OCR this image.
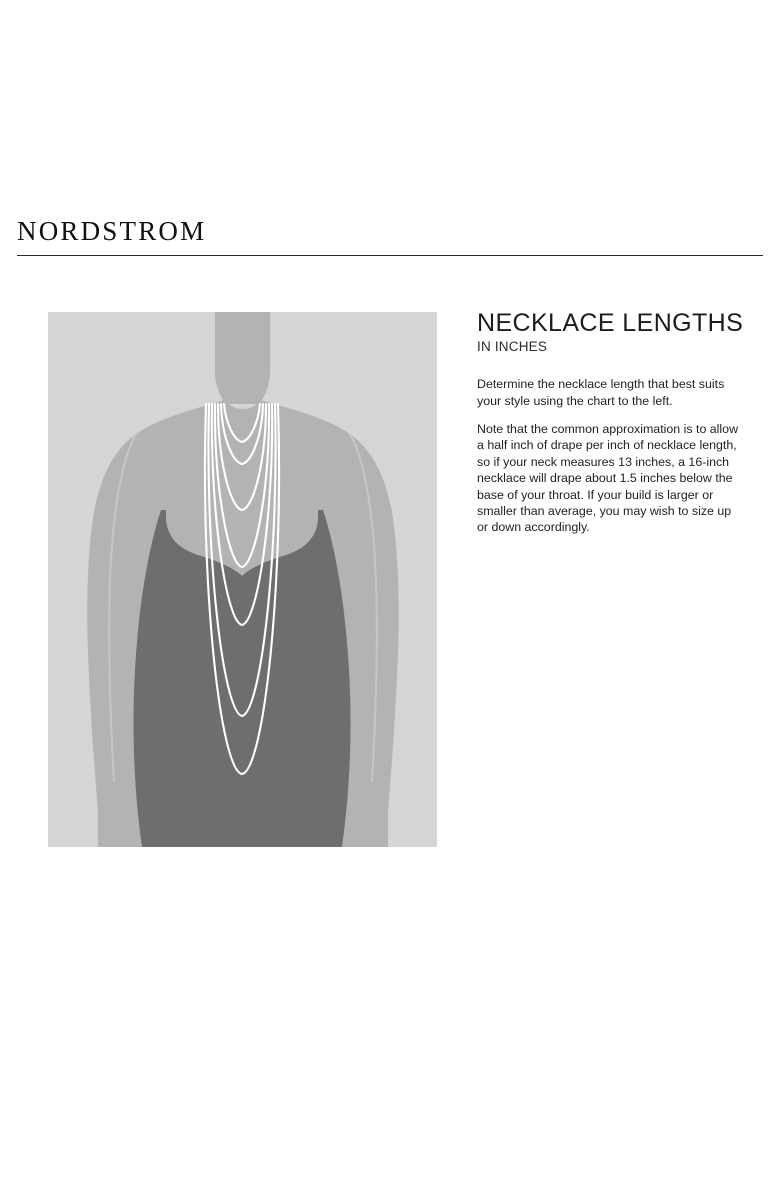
NORDSTROM
NECKLACE LENGTHS
IN INCHES

Determine the necklace length that best suits your style using the chart to the left.

Note that the common approximation is to allow a half inch of drape per inch of necklace length, so if your neck measures 13 inches, a 16-inch necklace will drape about 1.5 inches below the base of your throat. If your build is larger or smaller than average, you may wish to size up or down accordingly.
